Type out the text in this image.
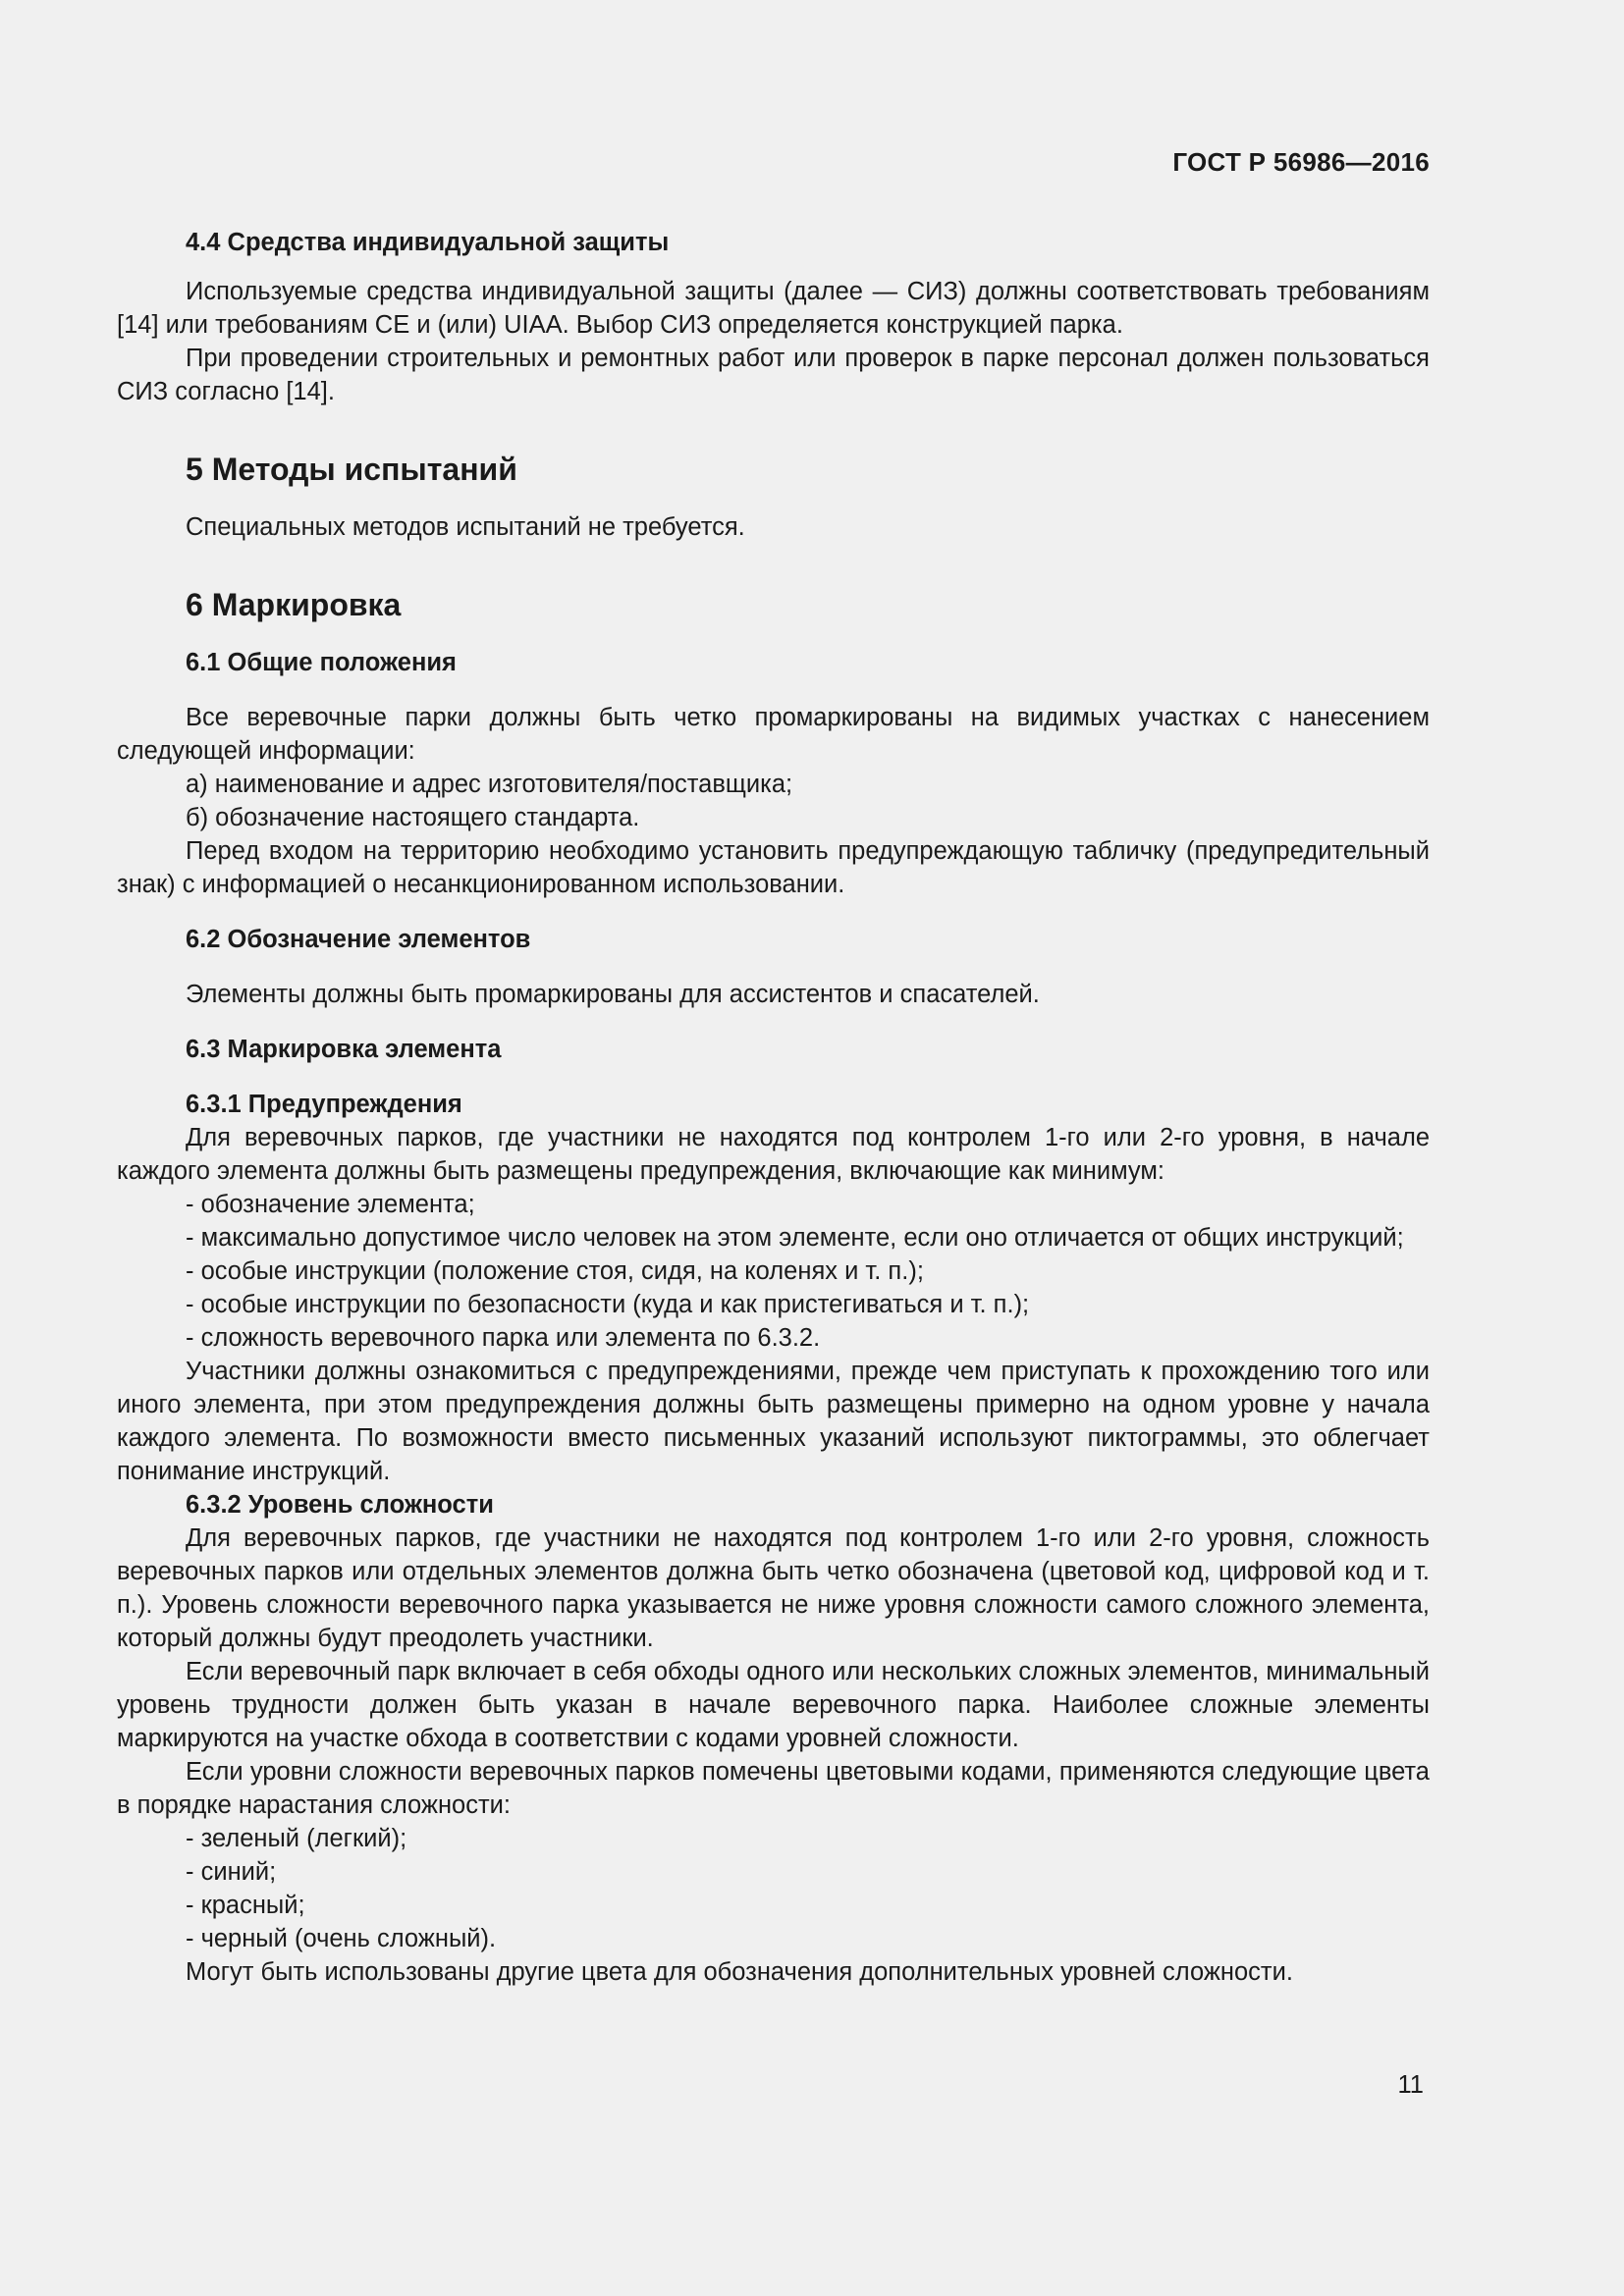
ГОСТ Р 56986—2016
4.4 Средства индивидуальной защиты

Используемые средства индивидуальной защиты (далее — СИЗ) должны соответствовать требованиям [14] или требованиям CE и (или) UIAA. Выбор СИЗ определяется конструкцией парка.

При проведении строительных и ремонтных работ или проверок в парке персонал должен пользоваться СИЗ согласно [14].

5 Методы испытаний

Специальных методов испытаний не требуется.

6 Маркировка
6.1 Общие положения

Все веревочные парки должны быть четко промаркированы на видимых участках с нанесением следующей информации:

а) наименование и адрес изготовителя/поставщика;

б) обозначение настоящего стандарта.

Перед входом на территорию необходимо установить предупреждающую табличку (предупредительный знак) с информацией о несанкционированном использовании.

6.2 Обозначение элементов

Элементы должны быть промаркированы для ассистентов и спасателей.

6.3 Маркировка элемента
6.3.1 Предупреждения

Для веревочных парков, где участники не находятся под контролем 1-го или 2-го уровня, в начале каждого элемента должны быть размещены предупреждения, включающие как минимум:

- обозначение элемента;

- максимально допустимое число человек на этом элементе, если оно отличается от общих инструкций;

- особые инструкции (положение стоя, сидя, на коленях и т. п.);

- особые инструкции по безопасности (куда и как пристегиваться и т. п.);

- сложность веревочного парка или элемента по 6.3.2.

Участники должны ознакомиться с предупреждениями, прежде чем приступать к прохождению того или иного элемента, при этом предупреждения должны быть размещены примерно на одном уровне у начала каждого элемента. По возможности вместо письменных указаний используют пиктограммы, это облегчает понимание инструкций.

6.3.2 Уровень сложности

Для веревочных парков, где участники не находятся под контролем 1-го или 2-го уровня, сложность веревочных парков или отдельных элементов должна быть четко обозначена (цветовой код, цифровой код и т. п.). Уровень сложности веревочного парка указывается не ниже уровня сложности самого сложного элемента, который должны будут преодолеть участники.

Если веревочный парк включает в себя обходы одного или нескольких сложных элементов, минимальный уровень трудности должен быть указан в начале веревочного парка. Наиболее сложные элементы маркируются на участке обхода в соответствии с кодами уровней сложности.

Если уровни сложности веревочных парков помечены цветовыми кодами, применяются следующие цвета в порядке нарастания сложности:

- зеленый (легкий);

- синий;

- красный;

- черный (очень сложный).

Могут быть использованы другие цвета для обозначения дополнительных уровней сложности.

11
